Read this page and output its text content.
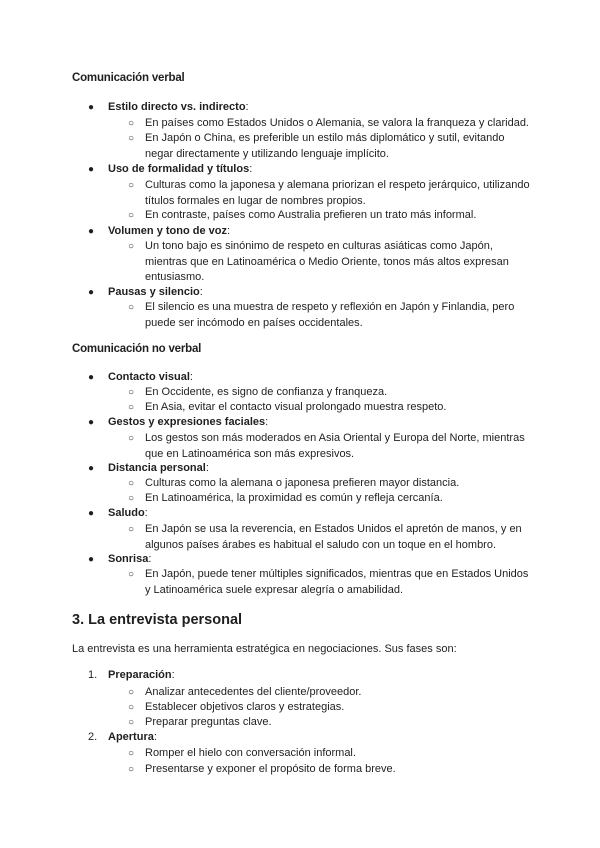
Comunicación verbal
● Estilo directo vs. indirecto:
○ En países como Estados Unidos o Alemania, se valora la franqueza y claridad.
○ En Japón o China, es preferible un estilo más diplomático y sutil, evitando negar directamente y utilizando lenguaje implícito.
● Uso de formalidad y títulos:
○ Culturas como la japonesa y alemana priorizan el respeto jerárquico, utilizando títulos formales en lugar de nombres propios.
○ En contraste, países como Australia prefieren un trato más informal.
● Volumen y tono de voz:
○ Un tono bajo es sinónimo de respeto en culturas asiáticas como Japón, mientras que en Latinoamérica o Medio Oriente, tonos más altos expresan entusiasmo.
● Pausas y silencio:
○ El silencio es una muestra de respeto y reflexión en Japón y Finlandia, pero puede ser incómodo en países occidentales.
Comunicación no verbal
● Contacto visual:
○ En Occidente, es signo de confianza y franqueza.
○ En Asia, evitar el contacto visual prolongado muestra respeto.
● Gestos y expresiones faciales:
○ Los gestos son más moderados en Asia Oriental y Europa del Norte, mientras que en Latinoamérica son más expresivos.
● Distancia personal:
○ Culturas como la alemana o japonesa prefieren mayor distancia.
○ En Latinoamérica, la proximidad es común y refleja cercanía.
● Saludo:
○ En Japón se usa la reverencia, en Estados Unidos el apretón de manos, y en algunos países árabes es habitual el saludo con un toque en el hombro.
● Sonrisa:
○ En Japón, puede tener múltiples significados, mientras que en Estados Unidos y Latinoamérica suele expresar alegría o amabilidad.
3. La entrevista personal
La entrevista es una herramienta estratégica en negociaciones. Sus fases son:
1. Preparación:
○ Analizar antecedentes del cliente/proveedor.
○ Establecer objetivos claros y estrategias.
○ Preparar preguntas clave.
2. Apertura:
○ Romper el hielo con conversación informal.
○ Presentarse y exponer el propósito de forma breve.
